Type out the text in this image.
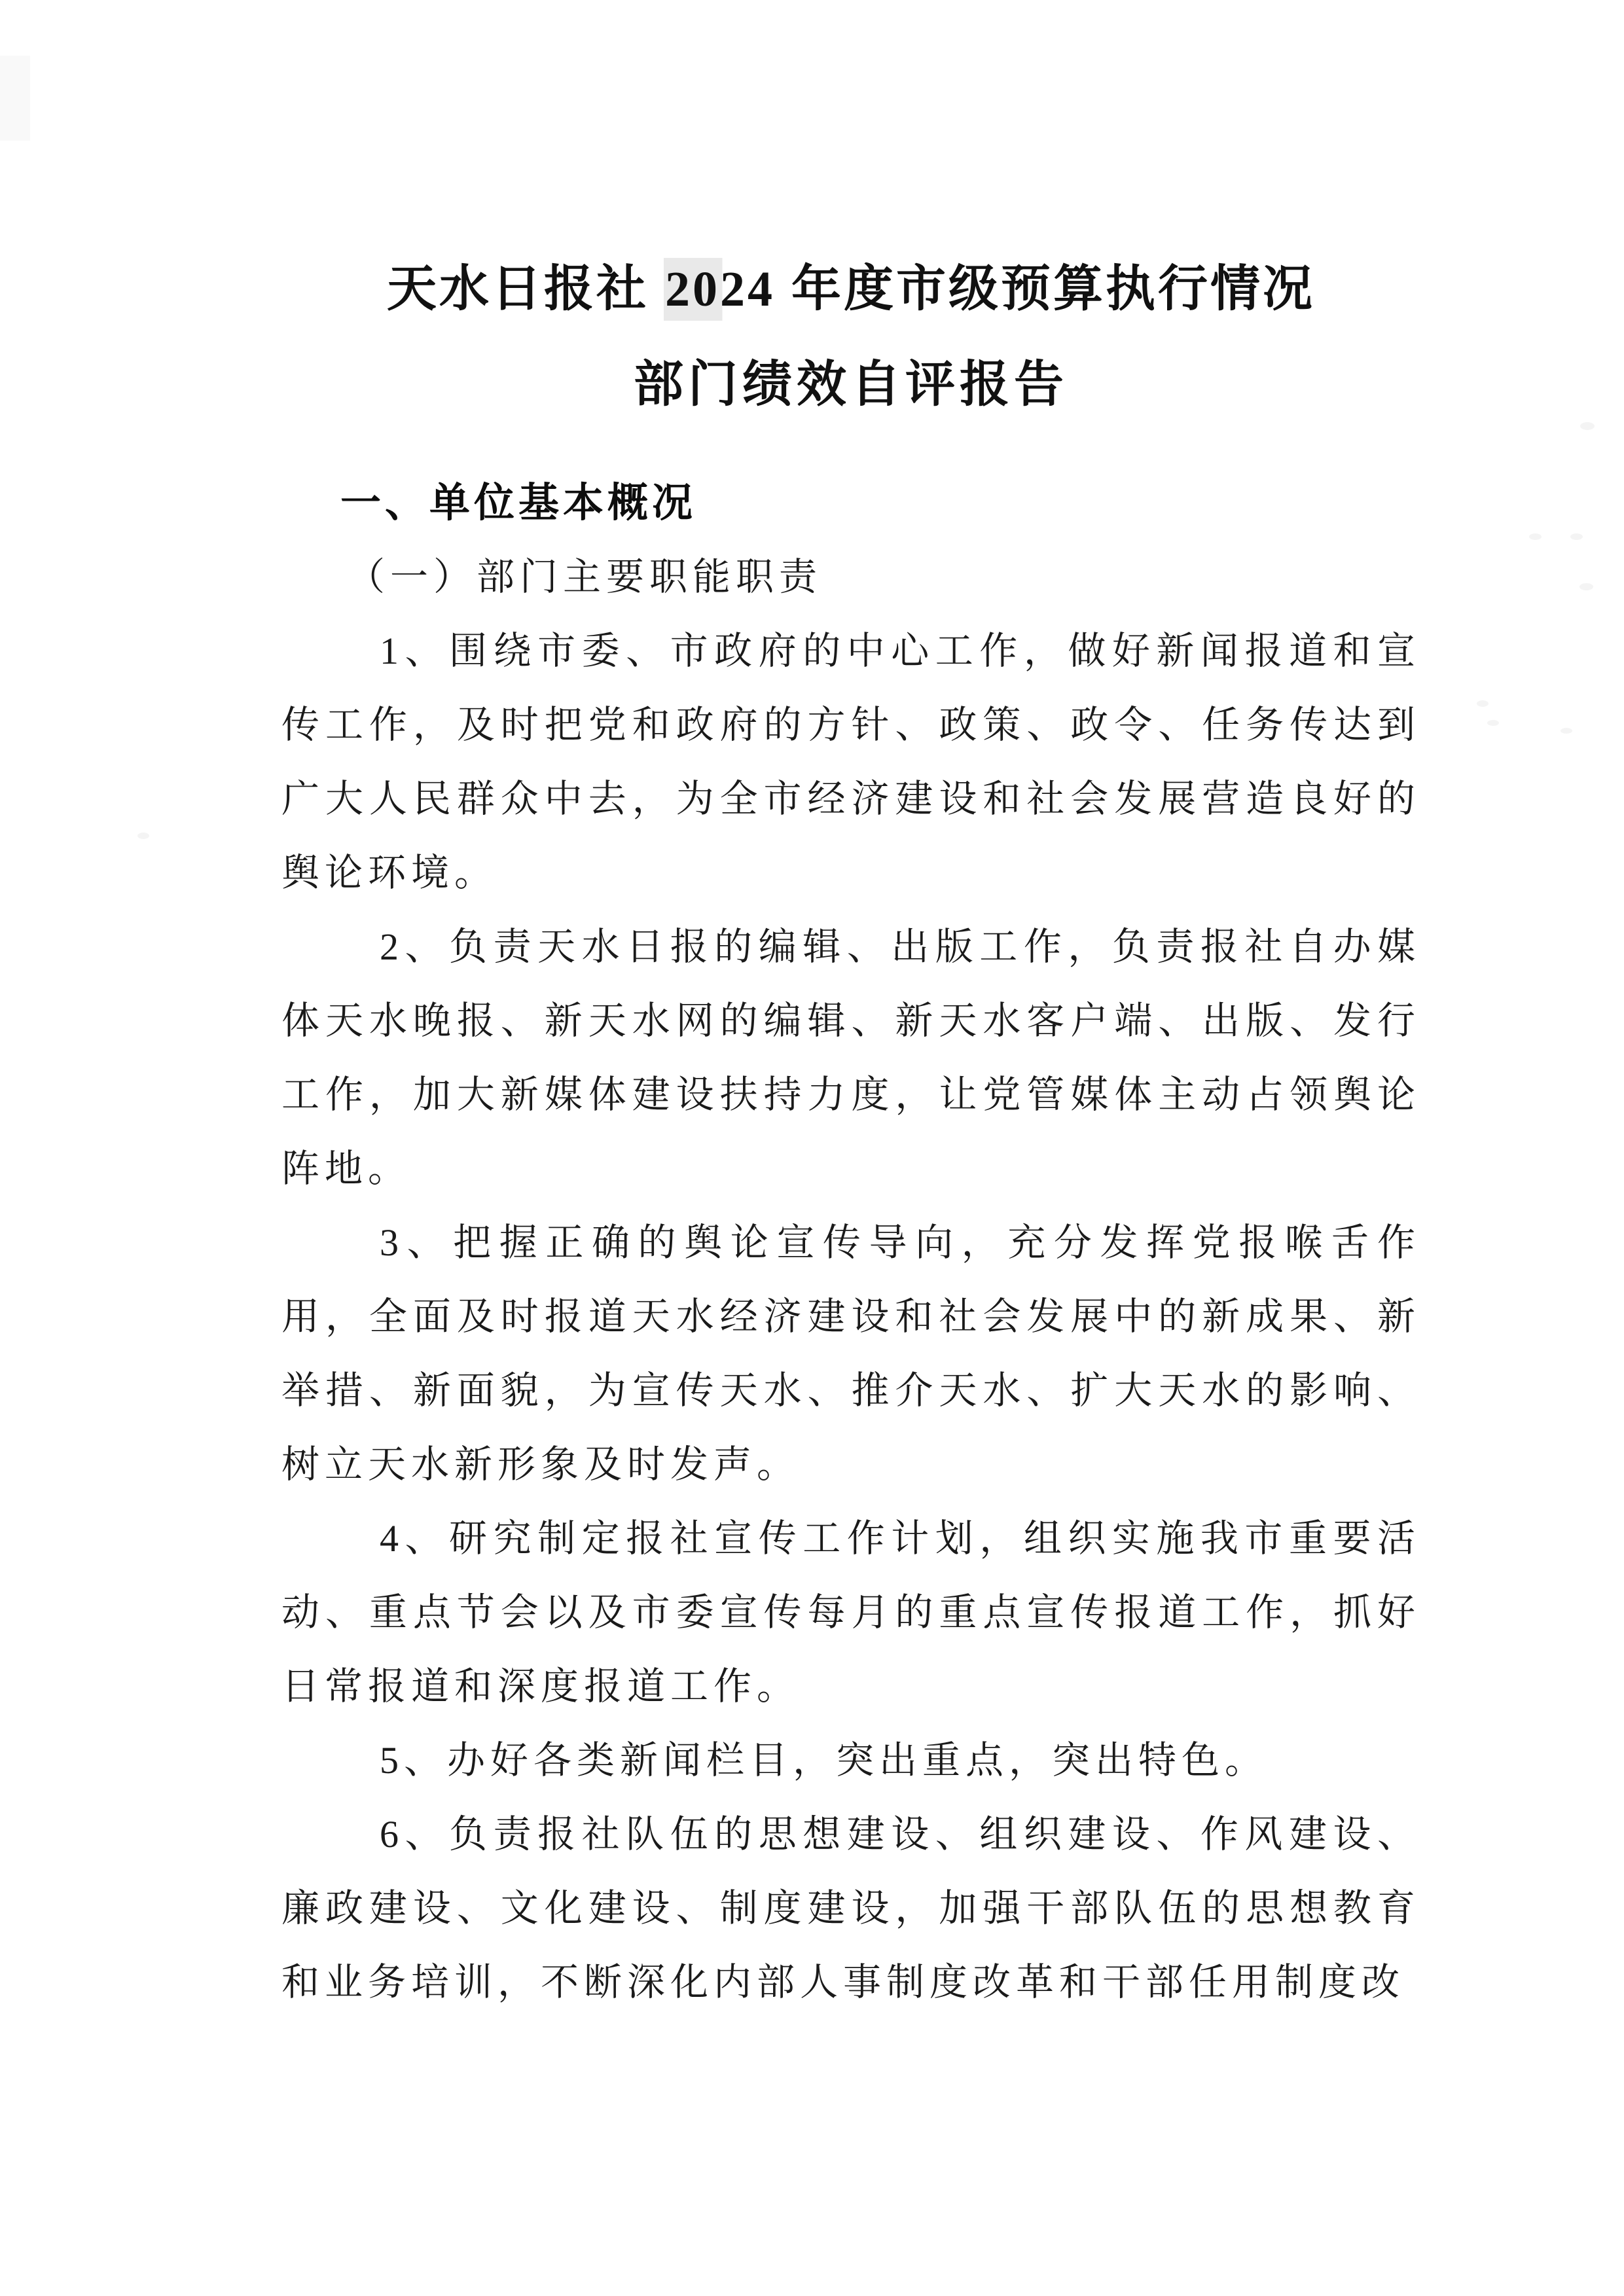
天水日报社 2024 年度市级预算执行情况
部门绩效自评报告

一、单位基本概况

（一）部门主要职能职责

1、围绕市委、市政府的中心工作，做好新闻报道和宣传工作，及时把党和政府的方针、政策、政令、任务传达到广大人民群众中去，为全市经济建设和社会发展营造良好的舆论环境。

2、负责天水日报的编辑、出版工作，负责报社自办媒体天水晚报、新天水网的编辑、新天水客户端、出版、发行工作，加大新媒体建设扶持力度，让党管媒体主动占领舆论阵地。

3、把握正确的舆论宣传导向，充分发挥党报喉舌作用，全面及时报道天水经济建设和社会发展中的新成果、新举措、新面貌，为宣传天水、推介天水、扩大天水的影响、树立天水新形象及时发声。

4、研究制定报社宣传工作计划，组织实施我市重要活动、重点节会以及市委宣传每月的重点宣传报道工作，抓好日常报道和深度报道工作。

5、办好各类新闻栏目，突出重点，突出特色。

6、负责报社队伍的思想建设、组织建设、作风建设、廉政建设、文化建设、制度建设，加强干部队伍的思想教育和业务培训，不断深化内部人事制度改革和干部任用制度改
